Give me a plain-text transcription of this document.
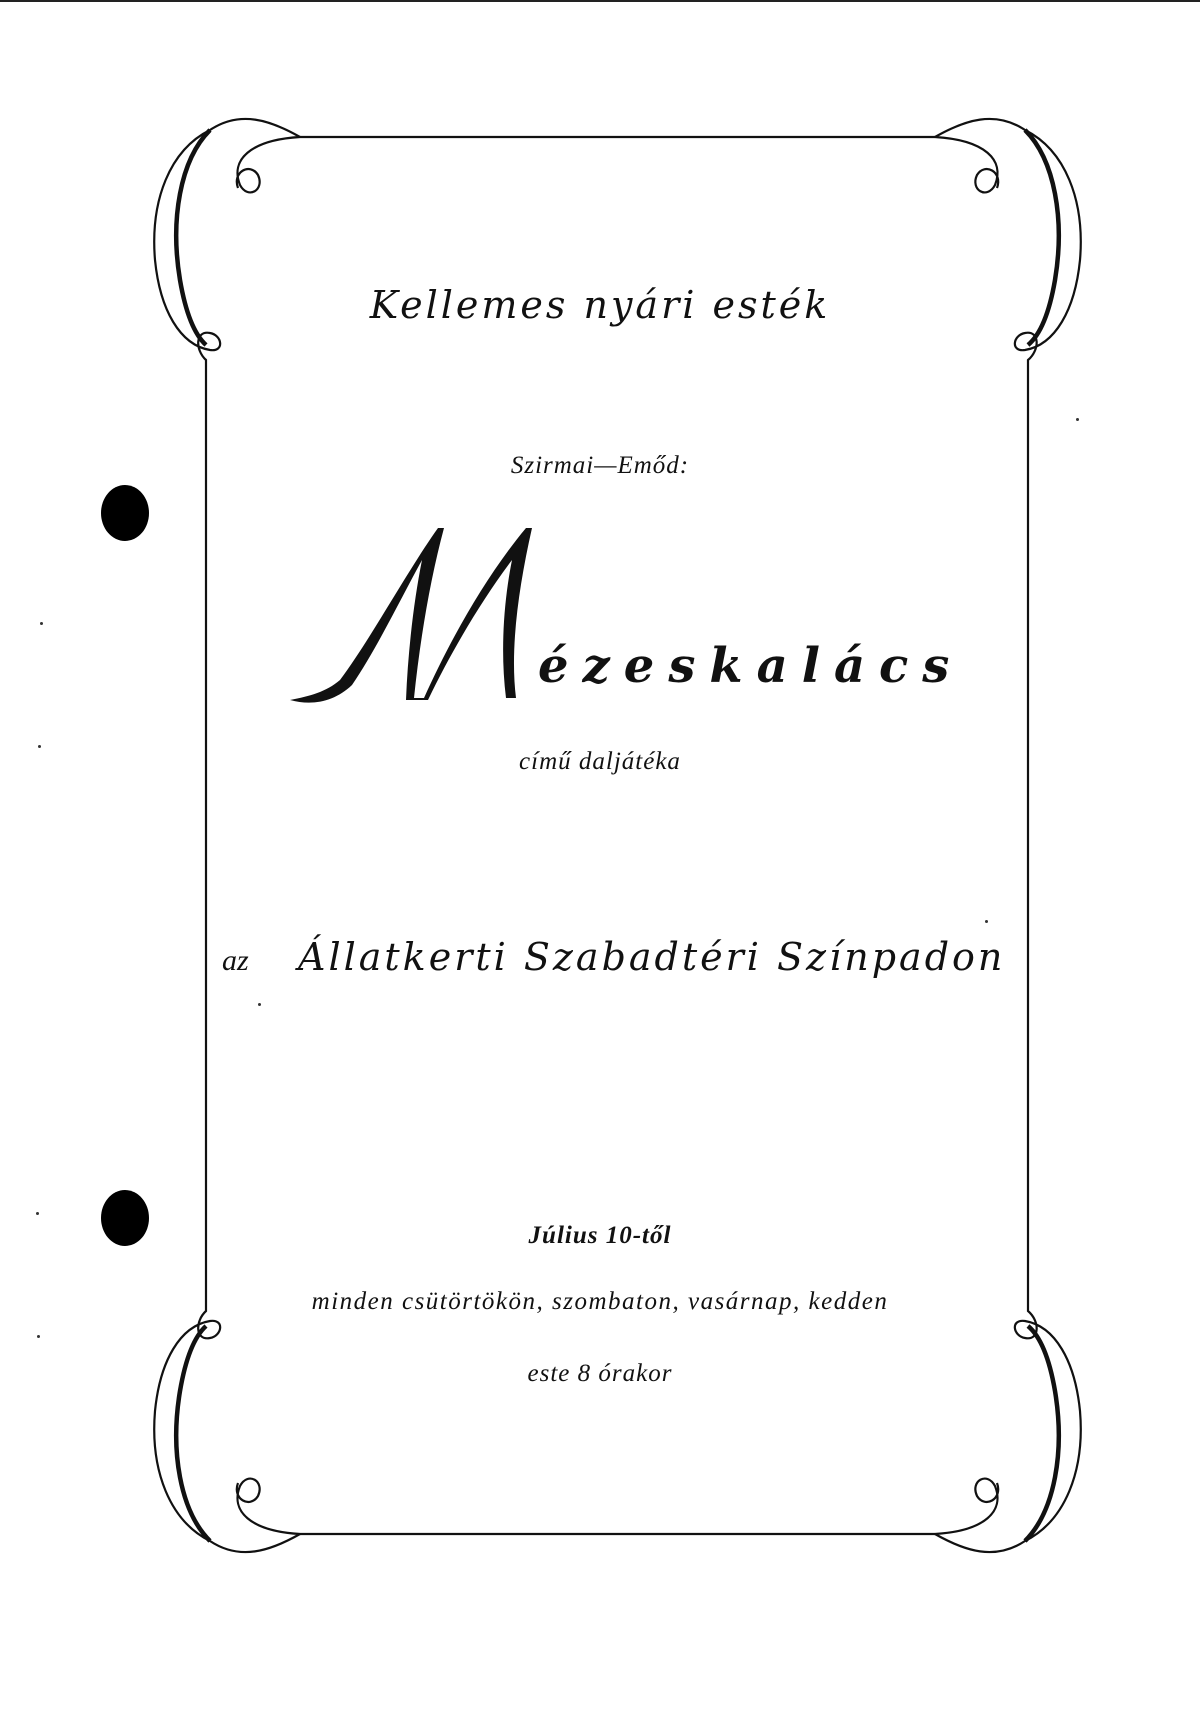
Kellemes nyári esték
Szirmai—Emőd:
ézeskalács
című daljátéka
az Állatkerti Szabadtéri Színpadon
Július 10-től
minden csütörtökön, szombaton, vasárnap, kedden
este 8 órakor
